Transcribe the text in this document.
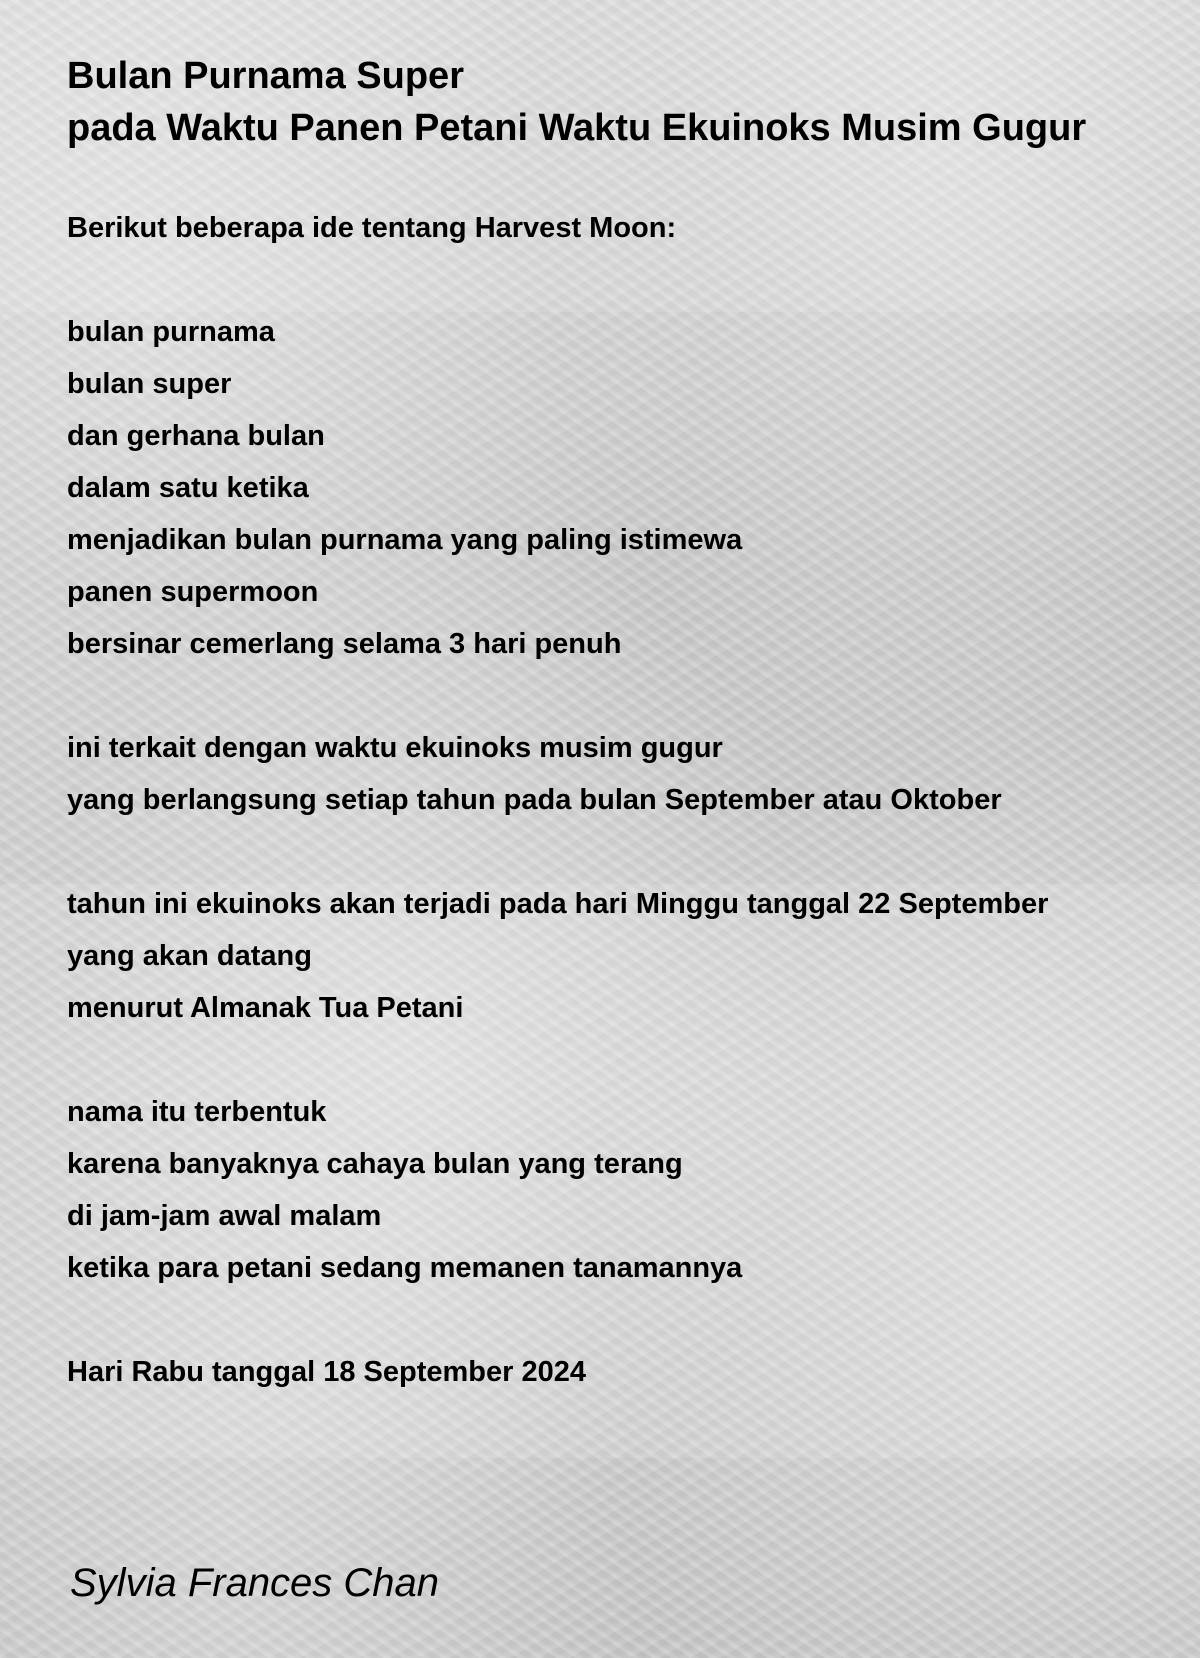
Bulan Purnama Super
pada Waktu Panen Petani Waktu Ekuinoks Musim Gugur

Berikut beberapa ide tentang Harvest Moon:

bulan purnama
bulan super
dan gerhana bulan
dalam satu ketika
menjadikan bulan purnama yang paling istimewa
panen supermoon
bersinar cemerlang selama 3 hari penuh
ini terkait dengan waktu ekuinoks musim gugur
yang berlangsung setiap tahun pada bulan September atau Oktober
tahun ini ekuinoks akan terjadi pada hari Minggu tanggal 22 September
yang akan datang
menurut Almanak Tua Petani
nama itu terbentuk
karena banyaknya cahaya bulan yang terang
di jam-jam awal malam
ketika para petani sedang memanen tanamannya

Hari Rabu tanggal 18 September 2024

Sylvia Frances Chan
